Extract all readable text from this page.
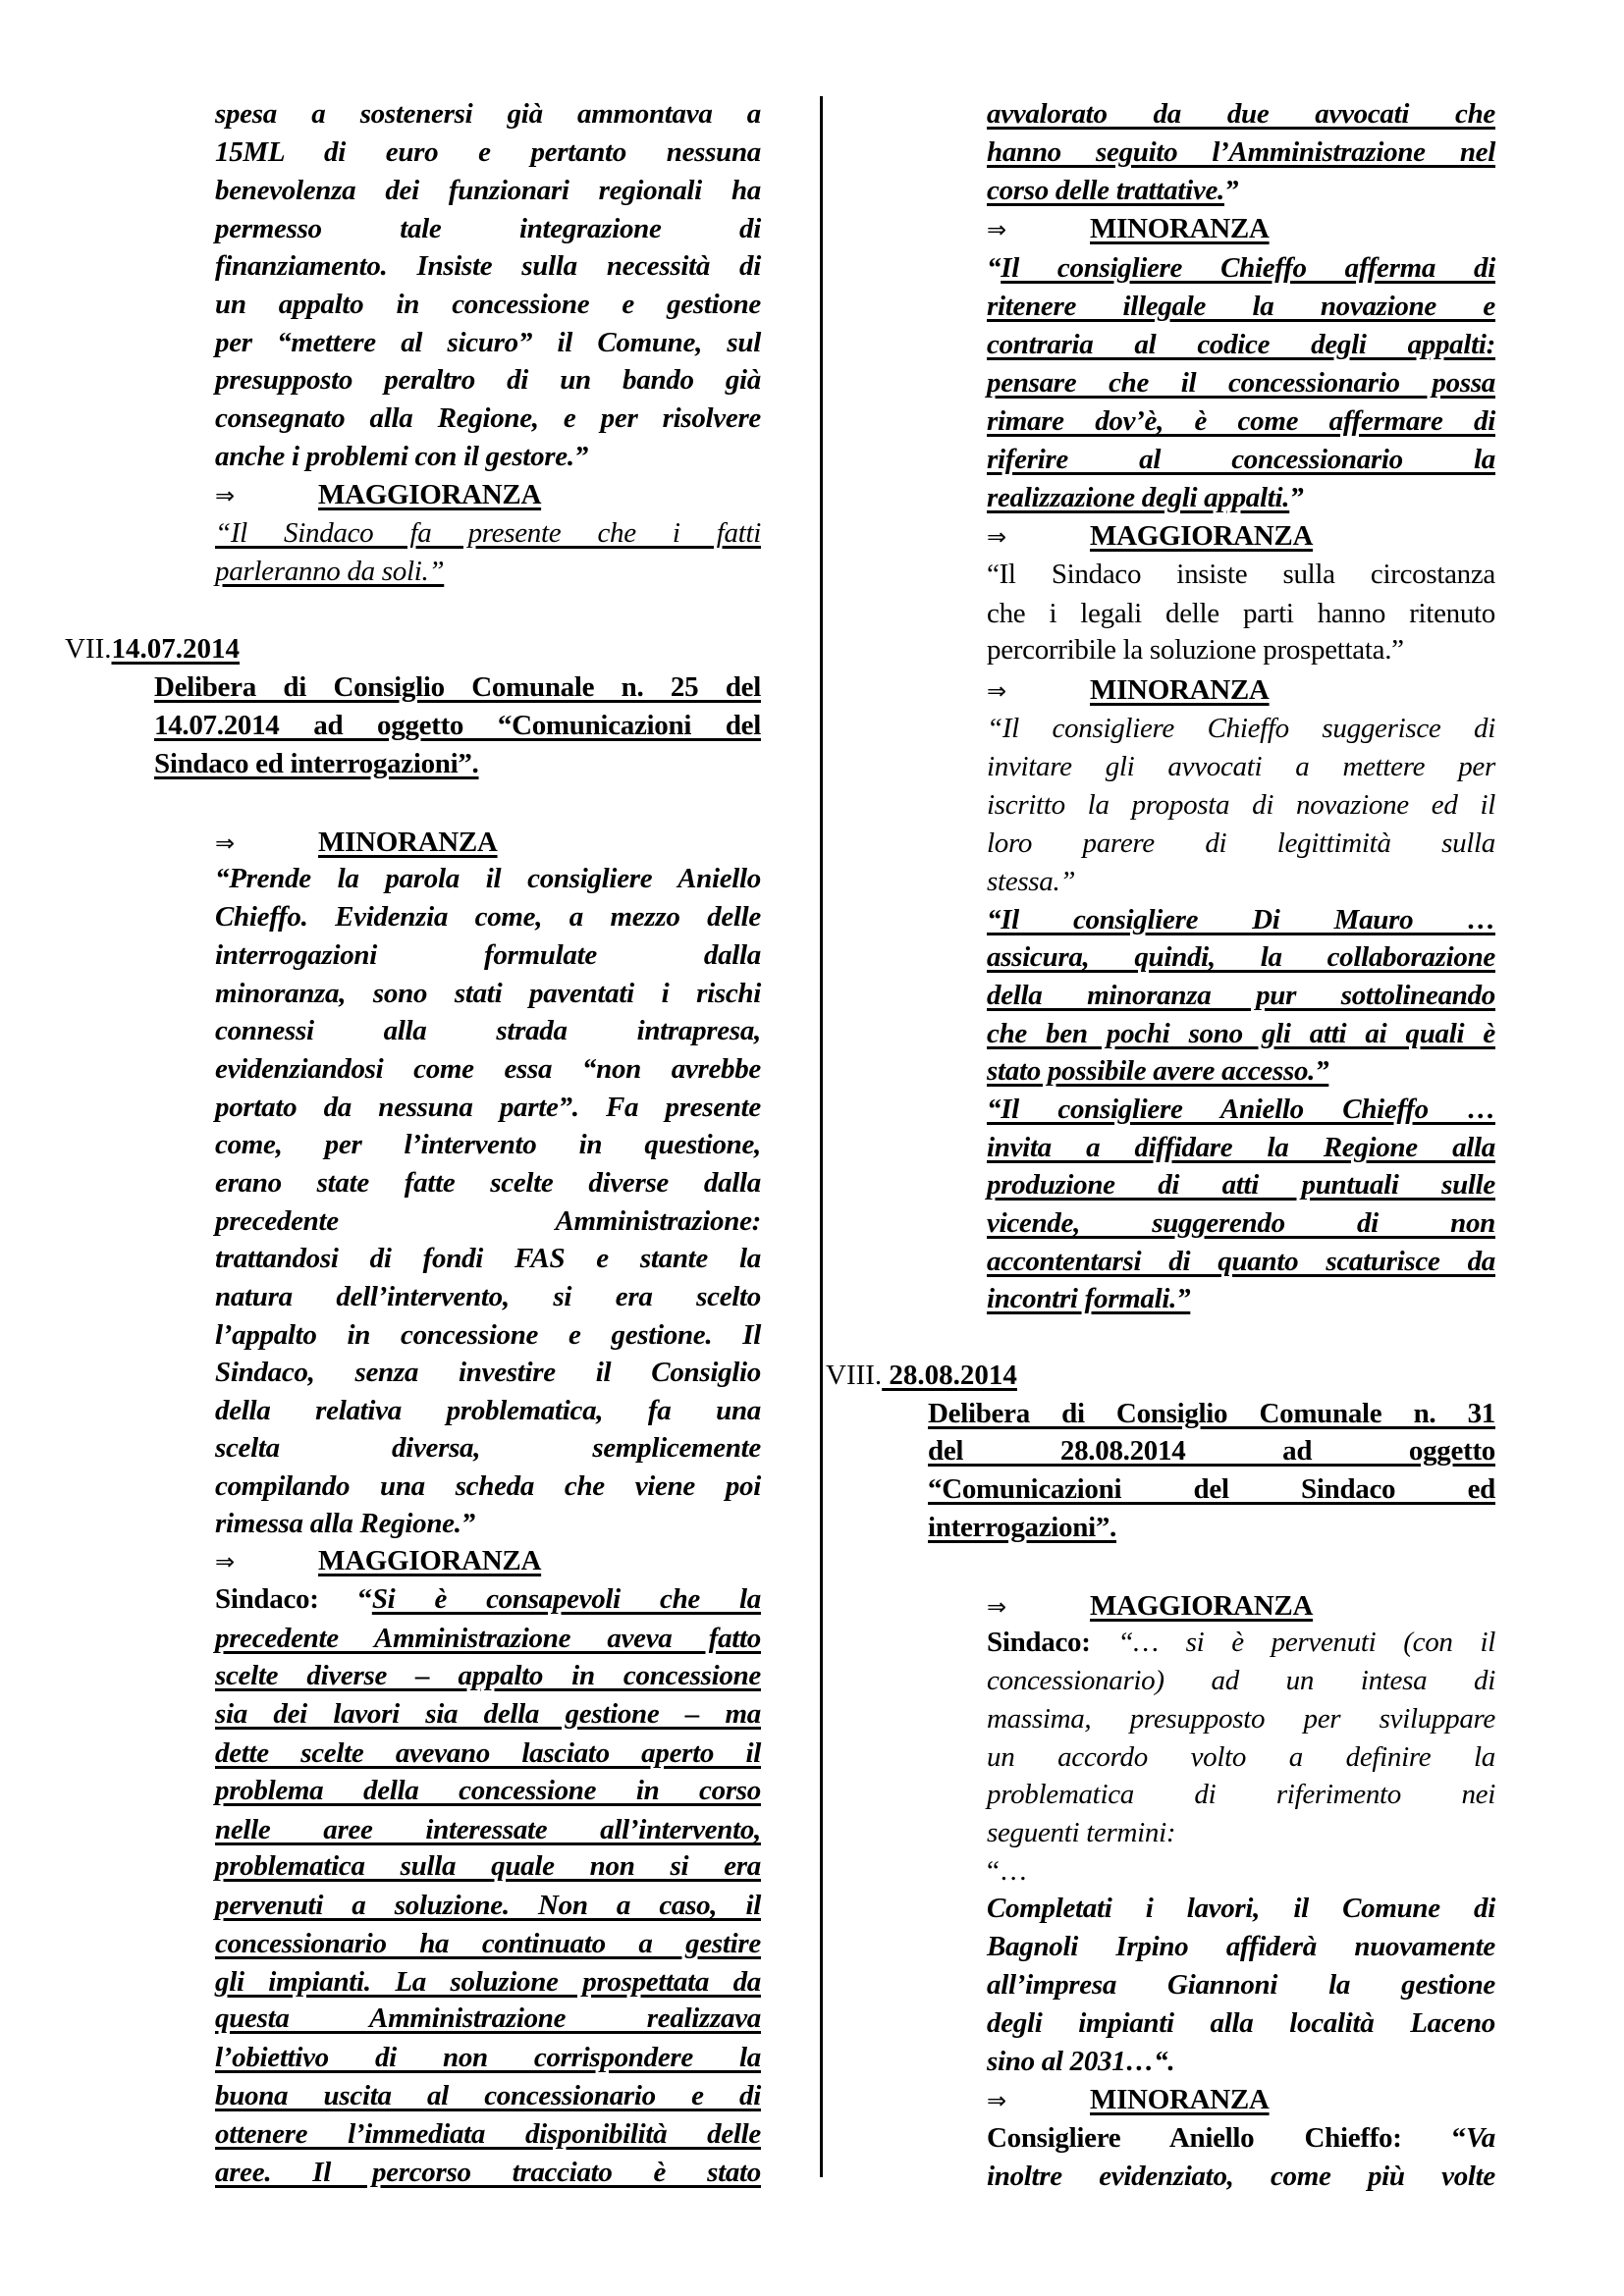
spesa a sostenersi già ammontava a
15ML di euro e pertanto nessuna
benevolenza dei funzionari regionali ha
permesso tale integrazione di
finanziamento. Insiste sulla necessità di
un appalto in concessione e gestione
per “mettere al sicuro” il Comune, sul
presupposto peraltro di un bando già
consegnato alla Regione, e per risolvere
anche i problemi con il gestore.”
⇒	MAGGIORANZA
“Il Sindaco fa presente che i fatti
parleranno da soli.”
VII.14.07.2014
Delibera di Consiglio Comunale n. 25 del
14.07.2014 ad oggetto “Comunicazioni del
Sindaco ed interrogazioni”.
⇒	MINORANZA
“Prende la parola il consigliere Aniello
Chieffo. Evidenzia come, a mezzo delle
interrogazioni formulate dalla
minoranza, sono stati paventati i rischi
connessi alla strada intrapresa,
evidenziandosi come essa “non avrebbe
portato da nessuna parte”. Fa presente
come, per l’intervento in questione,
erano state fatte scelte diverse dalla
precedente Amministrazione:
trattandosi di fondi FAS e stante la
natura dell’intervento, si era scelto
l’appalto in concessione e gestione. Il
Sindaco, senza investire il Consiglio
della relativa problematica, fa una
scelta diversa, semplicemente
compilando una scheda che viene poi
rimessa alla Regione.”
⇒	MAGGIORANZA
Sindaco: “Si è consapevoli che la
precedente Amministrazione aveva fatto
scelte diverse – appalto in concessione
sia dei lavori sia della gestione – ma
dette scelte avevano lasciato aperto il
problema della concessione in corso
nelle aree interessate all’intervento,
problematica sulla quale non si era
pervenuti a soluzione. Non a caso, il
concessionario ha continuato a gestire
gli impianti. La soluzione prospettata da
questa Amministrazione realizzava
l’obiettivo di non corrispondere la
buona uscita al concessionario e di
ottenere l’immediata disponibilità delle
aree. Il percorso tracciato è stato
avvalorato da due avvocati che
hanno seguito l’Amministrazione nel
corso delle trattative.”
⇒	MINORANZA
“Il consigliere Chieffo afferma di
ritenere illegale la novazione e
contraria al codice degli appalti:
pensare che il concessionario possa
rimare dov’è, è come affermare di
riferire al concessionario la
realizzazione degli appalti.”
⇒	MAGGIORANZA
“Il Sindaco insiste sulla circostanza
che i legali delle parti hanno ritenuto
percorribile la soluzione prospettata.”
⇒	MINORANZA
“Il consigliere Chieffo suggerisce di
invitare gli avvocati a mettere per
iscritto la proposta di novazione ed il
loro parere di legittimità sulla
stessa.”
“Il consigliere Di Mauro …
assicura, quindi, la collaborazione
della minoranza pur sottolineando
che ben pochi sono gli atti ai quali è
stato possibile avere accesso.”
“Il consigliere Aniello Chieffo …
invita a diffidare la Regione alla
produzione di atti puntuali sulle
vicende, suggerendo di non
accontentarsi di quanto scaturisce da
incontri formali.”
VIII. 28.08.2014
Delibera di Consiglio Comunale n. 31
del 28.08.2014 ad oggetto
“Comunicazioni del Sindaco ed
interrogazioni”.
⇒	MAGGIORANZA
Sindaco: “… si è pervenuti (con il
concessionario) ad un intesa di
massima, presupposto per sviluppare
un accordo volto a definire la
problematica di riferimento nei
seguenti termini:
“…
Completati i lavori, il Comune di
Bagnoli Irpino affiderà nuovamente
all’impresa Giannoni la gestione
degli impianti alla località Laceno
sino al 2031…“.
⇒	MINORANZA
Consigliere Aniello Chieffo: “Va
inoltre evidenziato, come più volte
